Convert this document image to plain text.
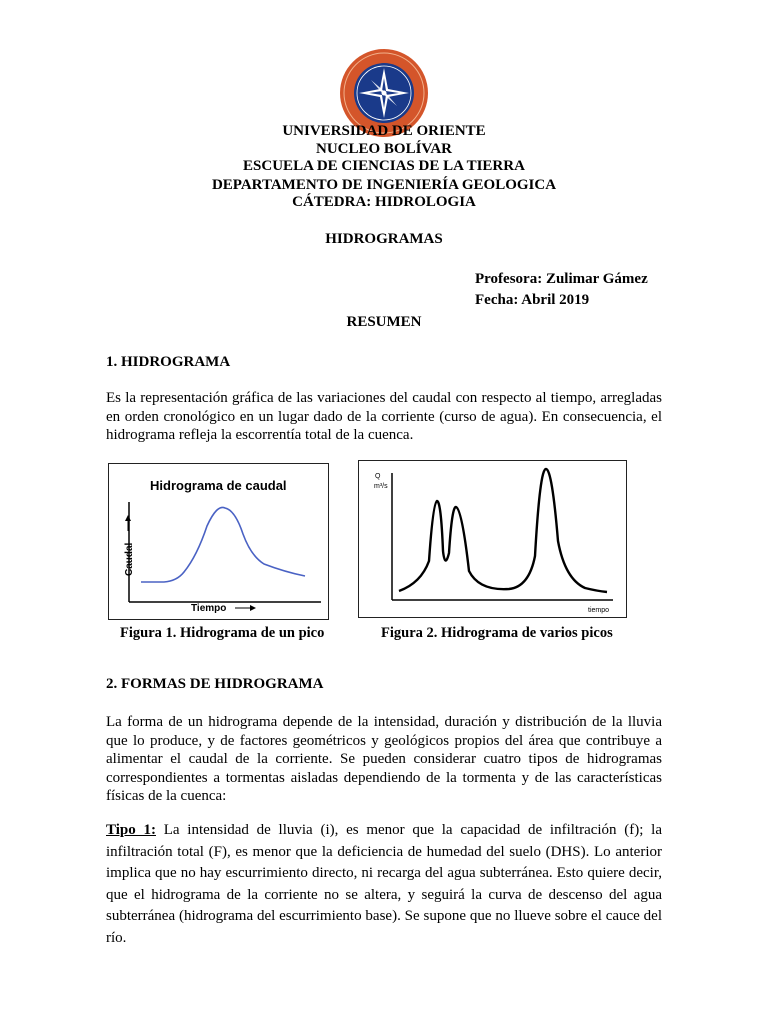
UNIVERSIDAD DE ORIENTE
NUCLEO BOLÍVAR
ESCUELA DE CIENCIAS DE LA TIERRA
DEPARTAMENTO DE INGENIERÍA GEOLOGICA
CÁTEDRA: HIDROLOGIA
HIDROGRAMAS
Profesora: Zulimar Gámez
Fecha: Abril 2019
RESUMEN
1. HIDROGRAMA
Es la representación gráfica de las variaciones del caudal con respecto al tiempo, arregladas en orden cronológico en un lugar dado de la corriente (curso de agua). En consecuencia, el hidrograma refleja la escorrentía total de la cuenca.
Hidrograma de caudal
Caudal
Tiempo
Figura 1. Hidrograma de un pico
Q
m³/s
tiempo
Figura 2. Hidrograma de varios picos
2. FORMAS DE HIDROGRAMA
La forma de un hidrograma depende de la intensidad, duración y distribución de la lluvia que lo produce, y de factores geométricos y geológicos propios del área que contribuye a alimentar el caudal de la corriente. Se pueden considerar cuatro tipos de hidrogramas correspondientes a tormentas aisladas dependiendo de la tormenta y de las características físicas de la cuenca:
Tipo 1: La intensidad de lluvia (i), es menor que la capacidad de infiltración (f); la infiltración total (F), es menor que la deficiencia de humedad del suelo (DHS). Lo anterior implica que no hay escurrimiento directo, ni recarga del agua subterránea. Esto quiere decir, que el hidrograma de la corriente no se altera, y seguirá la curva de descenso del agua subterránea (hidrograma del escurrimiento base). Se supone que no llueve sobre el cauce del río.
